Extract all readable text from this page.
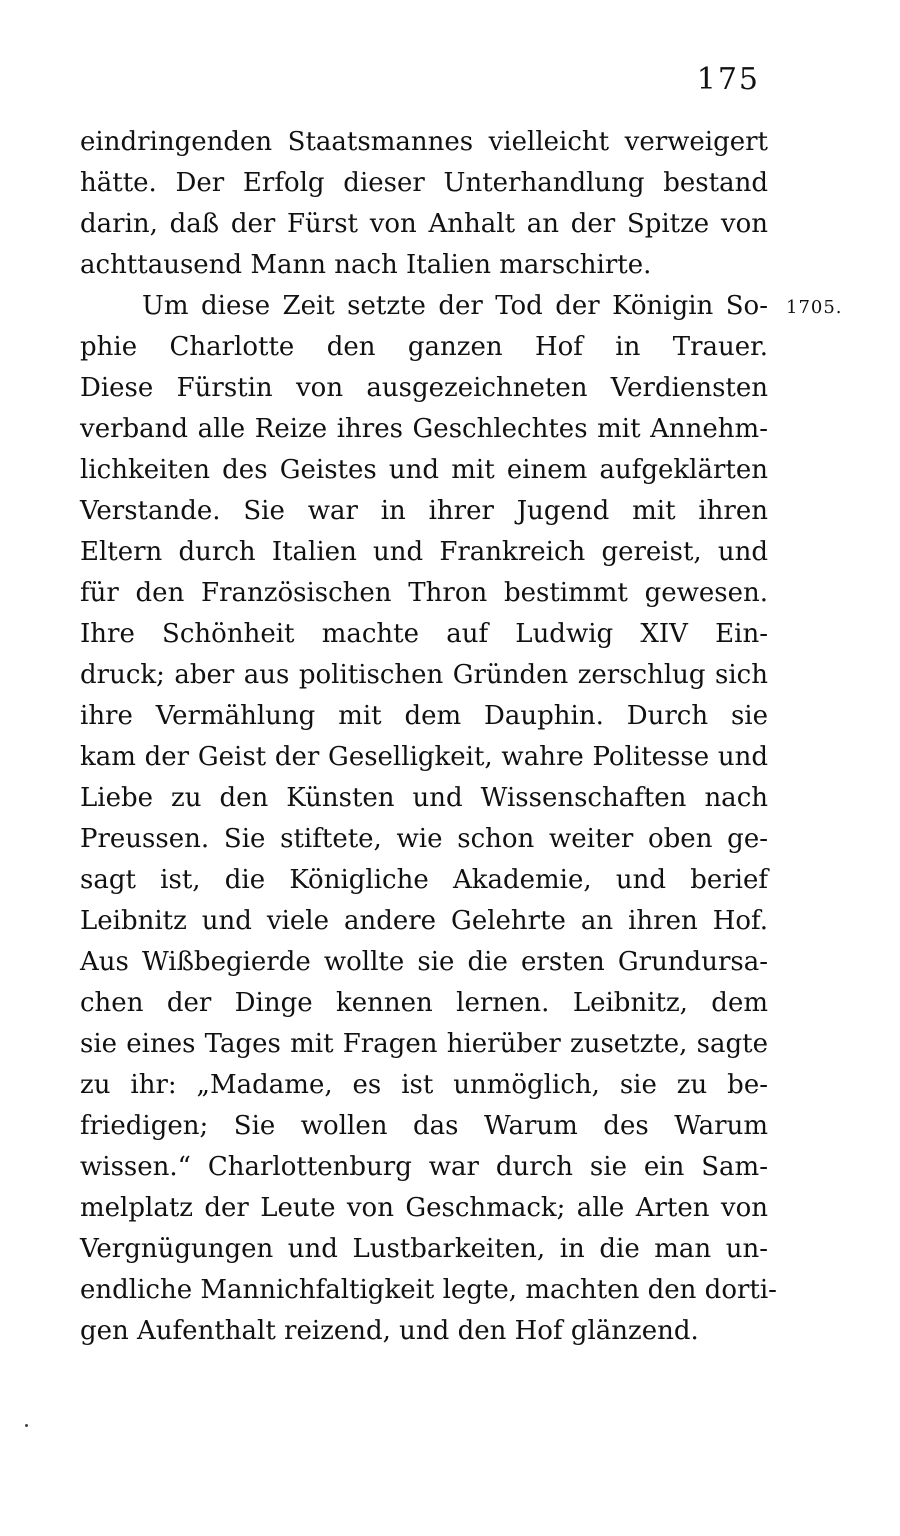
175
1705.
eindringenden Staatsmannes vielleicht verweigert
hätte. Der Erfolg dieser Unterhandlung bestand
darin, daß der Fürst von Anhalt an der Spitze von
achttausend Mann nach Italien marschirte.
Um diese Zeit setzte der Tod der Königin So-
phie Charlotte den ganzen Hof in Trauer.
Diese Fürstin von ausgezeichneten Verdiensten
verband alle Reize ihres Geschlechtes mit Annehm-
lichkeiten des Geistes und mit einem aufgeklärten
Verstande. Sie war in ihrer Jugend mit ihren
Eltern durch Italien und Frankreich gereist, und
für den Französischen Thron bestimmt gewesen.
Ihre Schönheit machte auf Ludwig XIV Ein-
druck; aber aus politischen Gründen zerschlug sich
ihre Vermählung mit dem Dauphin. Durch sie
kam der Geist der Geselligkeit, wahre Politesse und
Liebe zu den Künsten und Wissenschaften nach
Preussen. Sie stiftete, wie schon weiter oben ge-
sagt ist, die Königliche Akademie, und berief
Leibnitz und viele andere Gelehrte an ihren Hof.
Aus Wißbegierde wollte sie die ersten Grundursa-
chen der Dinge kennen lernen. Leibnitz, dem
sie eines Tages mit Fragen hierüber zusetzte, sagte
zu ihr: „Madame, es ist unmöglich, sie zu be-
friedigen; Sie wollen das Warum des Warum
wissen.“ Charlottenburg war durch sie ein Sam-
melplatz der Leute von Geschmack; alle Arten von
Vergnügungen und Lustbarkeiten, in die man un-
endliche Mannichfaltigkeit legte, machten den dorti-
gen Aufenthalt reizend, und den Hof glänzend.
